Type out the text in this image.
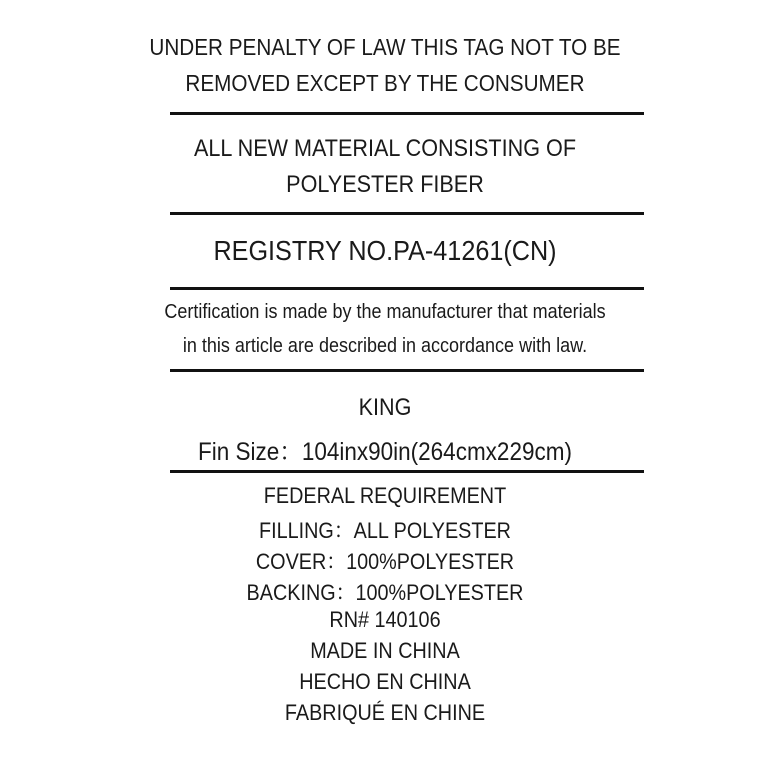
UNDER PENALTY OF LAW THIS TAG NOT TO BE
REMOVED EXCEPT BY THE CONSUMER
ALL NEW MATERIAL CONSISTING OF
POLYESTER FIBER
REGISTRY NO.PA-41261(CN)
Certification is made by the manufacturer that materials
in this article are described in accordance with law.
KING
Fin Size：104inx90in(264cmx229cm)
FEDERAL REQUIREMENT
FILLING：ALL POLYESTER
COVER：100%POLYESTER
BACKING：100%POLYESTER
RN# 140106
MADE IN CHINA
HECHO EN CHINA
FABRIQUÉ EN CHINE
